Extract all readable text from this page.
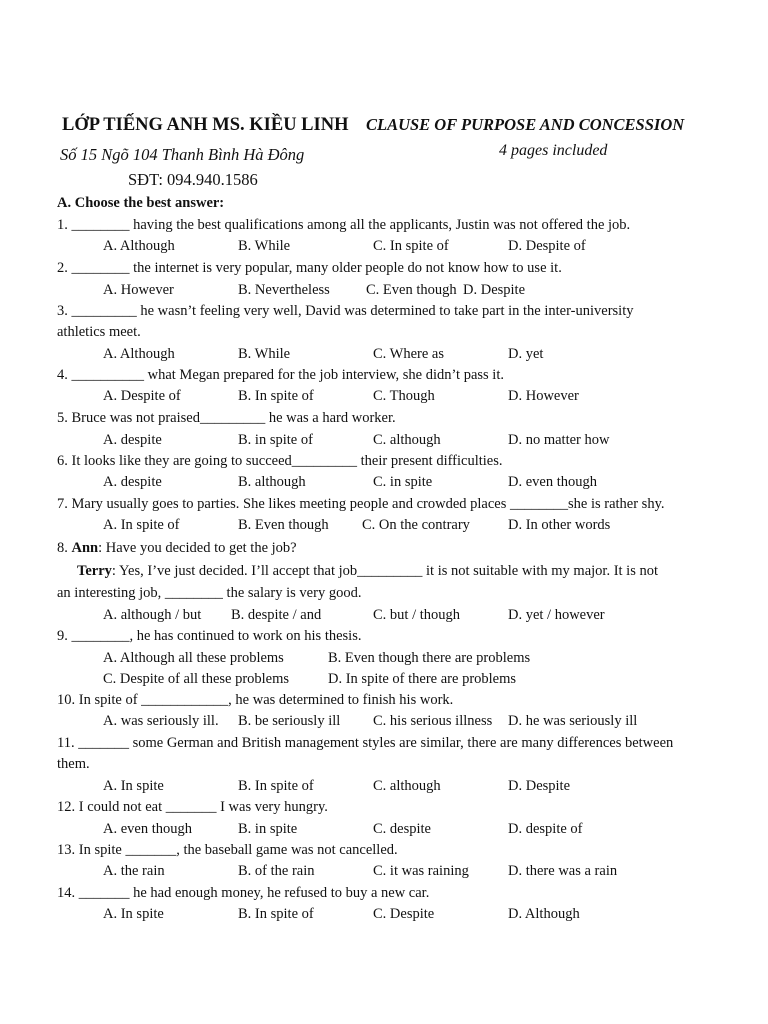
LỚP TIẾNG ANH MS. KIỀU LINH CLAUSE OF PURPOSE AND CONCESSION
Số 15 Ngõ 104 Thanh Bình Hà Đông	4 pages included
SĐT: 094.940.1586
A. Choose the best answer:
1. ________ having the best qualifications among all the applicants, Justin was not offered the job.
A. Although	B. While	C. In spite of	D. Despite of
2. ________ the internet is very popular, many older people do not know how to use it.
A. However	B. Nevertheless C. Even though D. Despite
3. _________ he wasn’t feeling very well, David was determined to take part in the inter-university
athletics meet.
A. Although	B. While	C. Where as	D. yet
4. __________ what Megan prepared for the job interview, she didn’t pass it.
A. Despite of	B. In spite of	C. Though	D. However
5. Bruce was not praised_________ he was a hard worker.
A. despite	B. in spite of	C. although	D. no matter how
6. It looks like they are going to succeed_________ their present difficulties.
A. despite	B. although	C. in spite	D. even though
7. Mary usually goes to parties. She likes meeting people and crowded places ________she is rather shy.
A. In spite of	B. Even though C. On the contrary	D. In other words
8. Ann: Have you decided to get the job?
Terry: Yes, I’ve just decided. I’ll accept that job_________ it is not suitable with my major. It is not
an interesting job, ________ the salary is very good.
A. although / but B. despite / and	C. but / though	D. yet / however
9. ________, he has continued to work on his thesis.
A. Although all these problems	B. Even though there are problems
C. Despite of all these problems	D. In spite of there are problems
10. In spite of ____________, he was determined to finish his work.
A. was seriously ill. B. be seriously ill C. his serious illness D. he was seriously ill
11. _______ some German and British management styles are similar, there are many differences between
them.
A. In spite	B. In spite of	C. although	D. Despite
12. I could not eat _______ I was very hungry.
A. even though	B. in spite	C. despite	D. despite of
13. In spite _______, the baseball game was not cancelled.
A. the rain	B. of the rain	C. it was raining	D. there was a rain
14. _______ he had enough money, he refused to buy a new car.
A. In spite	B. In spite of	C. Despite	D. Although
